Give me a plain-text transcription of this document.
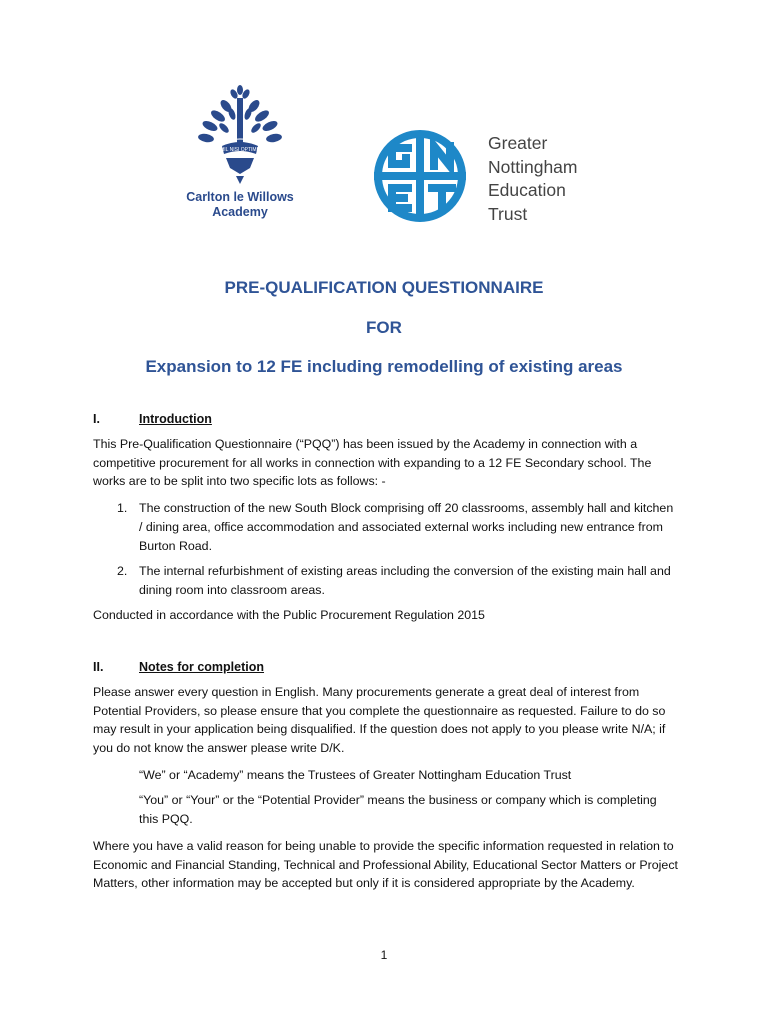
NIHIL NISI OPTIMUM
Carlton le Willows
Academy
Greater
Nottingham
Education
Trust
PRE-QUALIFICATION QUESTIONNAIRE
FOR
Expansion to 12 FE including remodelling of existing areas
I.	Introduction
This Pre-Qualification Questionnaire (“PQQ”) has been issued by the Academy in connection with a competitive procurement for all works in connection with expanding to a 12 FE Secondary school. The works are to be split into two specific lots as follows: -
1. The construction of the new South Block comprising off 20 classrooms, assembly hall and kitchen / dining area, office accommodation and associated external works including new entrance from Burton Road.
2. The internal refurbishment of existing areas including the conversion of the existing main hall and dining room into classroom areas.
Conducted in accordance with the Public Procurement Regulation 2015
II.	Notes for completion
Please answer every question in English. Many procurements generate a great deal of interest from Potential Providers, so please ensure that you complete the questionnaire as requested. Failure to do so may result in your application being disqualified. If the question does not apply to you please write N/A; if you do not know the answer please write D/K.
“We” or “Academy” means the Trustees of Greater Nottingham Education Trust
“You” or “Your” or the “Potential Provider” means the business or company which is completing this PQQ.
Where you have a valid reason for being unable to provide the specific information requested in relation to Economic and Financial Standing, Technical and Professional Ability, Educational Sector Matters or Project Matters, other information may be accepted but only if it is considered appropriate by the Academy.
1
